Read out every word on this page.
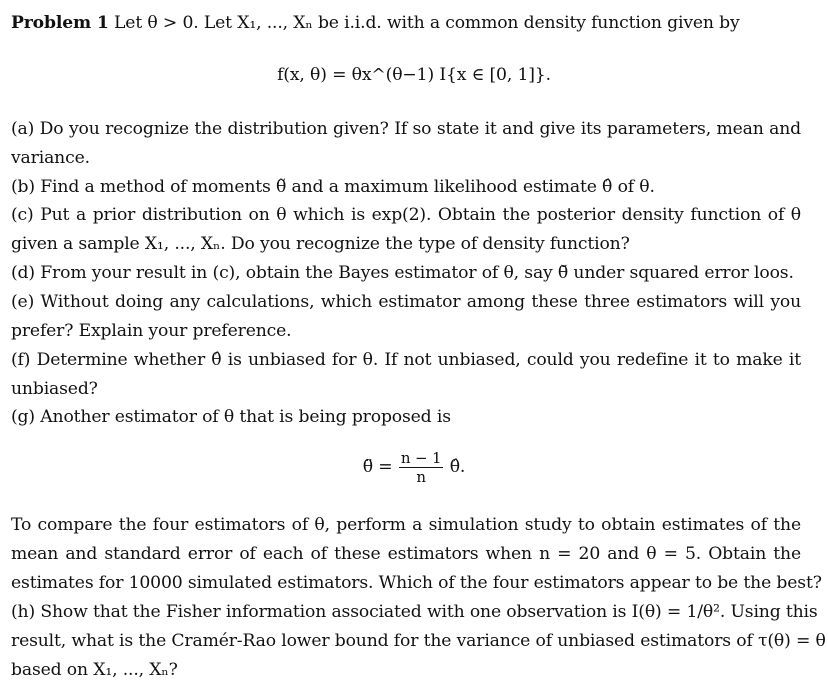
Problem 1 Let θ > 0. Let X₁, ..., Xₙ be i.i.d. with a common density function given by
f(x, θ) = θx^(θ−1) I{x ∈ [0, 1]}.
(a) Do you recognize the distribution given? If so state it and give its parameters, mean and
variance.
(b) Find a method of moments θ̃ and a maximum likelihood estimate θ̂ of θ.
(c) Put a prior distribution on θ which is exp(2). Obtain the posterior density function of θ
given a sample X₁, ..., Xₙ. Do you recognize the type of density function?
(d) From your result in (c), obtain the Bayes estimator of θ, say θ̆ under squared error loos.
(e) Without doing any calculations, which estimator among these three estimators will you
prefer? Explain your preference.
(f) Determine whether θ̂ is unbiased for θ. If not unbiased, could you redefine it to make it
unbiased?
(g) Another estimator of θ that is being proposed is
θ̈ = $\frac{n - 1}{n}$ θ̂.
To compare the four estimators of θ, perform a simulation study to obtain estimates of the
mean and standard error of each of these estimators when n = 20 and θ = 5. Obtain the
estimates for 10000 simulated estimators. Which of the four estimators appear to be the best?
(h) Show that the Fisher information associated with one observation is I(θ) = 1/θ². Using this
result, what is the Cramér-Rao lower bound for the variance of unbiased estimators of τ(θ) = θ
based on X₁, ..., Xₙ?
